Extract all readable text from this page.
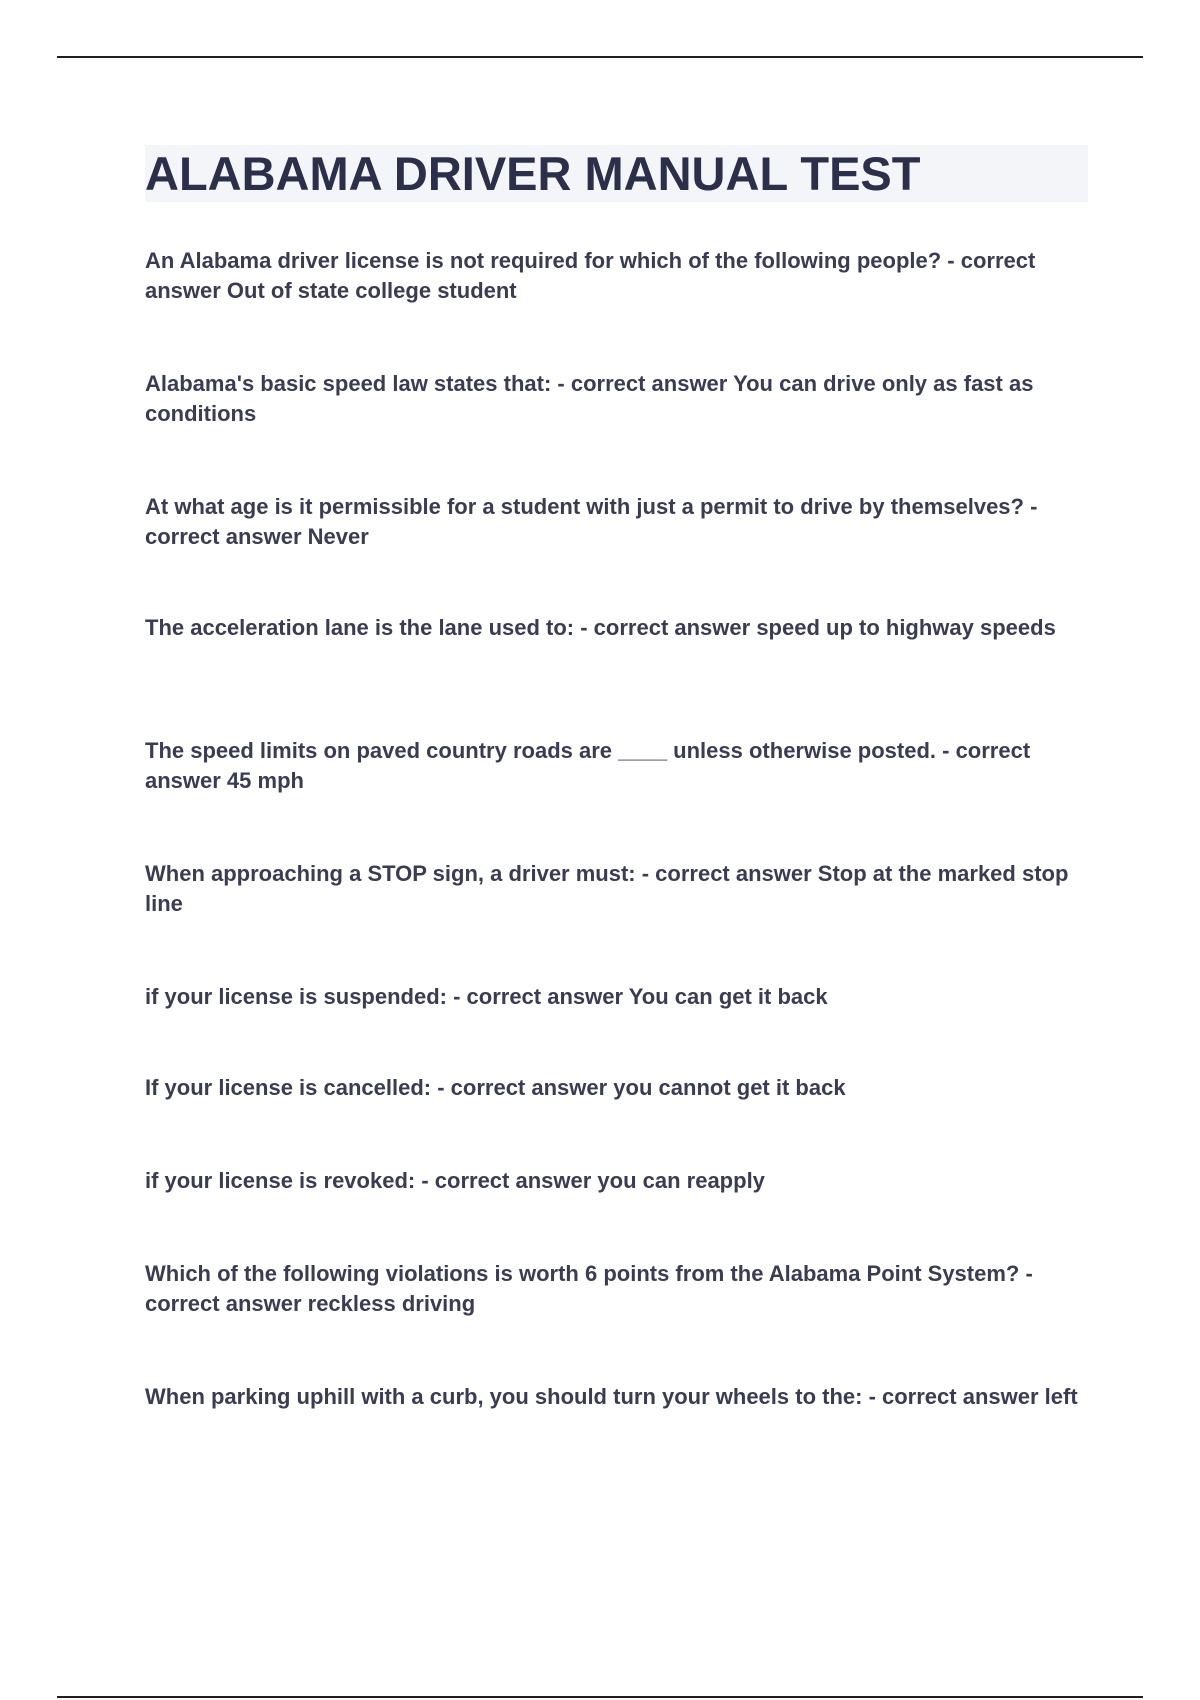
ALABAMA DRIVER MANUAL TEST

An Alabama driver license is not required for which of the following people? - correct answer Out of state college student

Alabama's basic speed law states that: - correct answer You can drive only as fast as conditions

At what age is it permissible for a student with just a permit to drive by themselves? - correct answer Never

The acceleration lane is the lane used to: - correct answer speed up to highway speeds

The speed limits on paved country roads are ____ unless otherwise posted. - correct answer 45 mph

When approaching a STOP sign, a driver must: - correct answer Stop at the marked stop line

if your license is suspended: - correct answer You can get it back

If your license is cancelled: - correct answer you cannot get it back

if your license is revoked: - correct answer you can reapply

Which of the following violations is worth 6 points from the Alabama Point System? - correct answer reckless driving

When parking uphill with a curb, you should turn your wheels to the: - correct answer left
